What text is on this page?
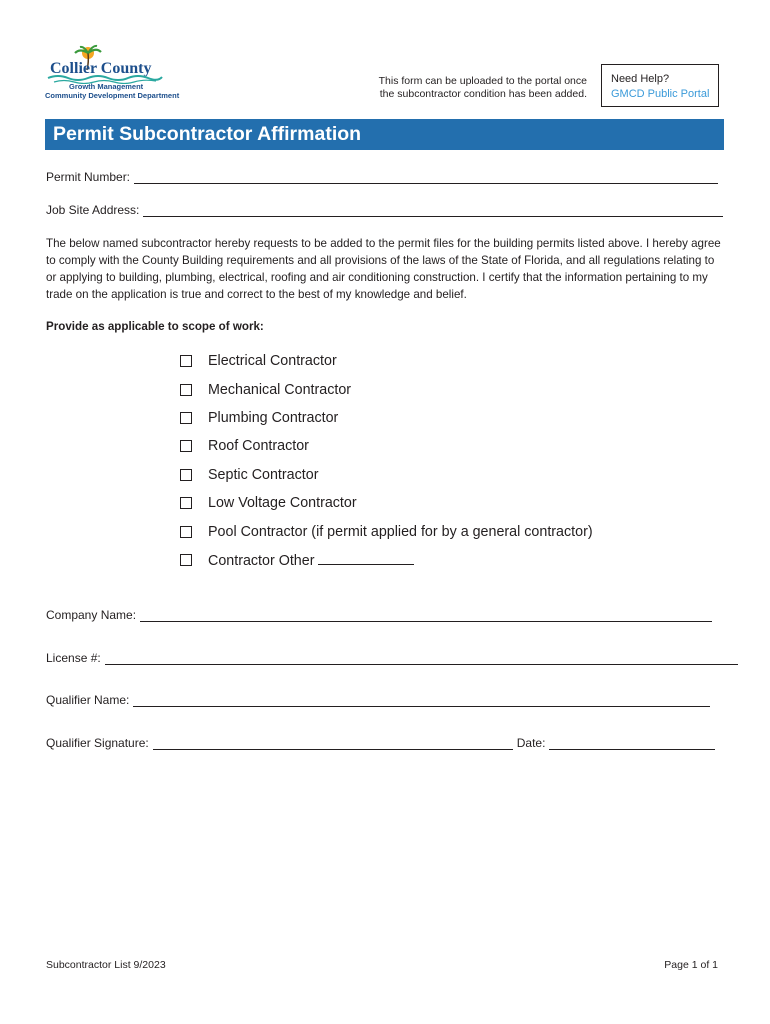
Collier County
Growth Management
Community Development Department
This form can be uploaded to the portal once
the subcontractor condition has been added.
Need Help?
GMCD Public Portal
Permit Subcontractor Affirmation
Permit Number:
Job Site Address:

The below named subcontractor hereby requests to be added to the permit files for the building permits listed above. I hereby agree to comply with the County Building requirements and all provisions of the laws of the State of Florida, and all regulations relating to or applying to building, plumbing, electrical, roofing and air conditioning construction. I certify that the information pertaining to my trade on the application is true and correct to the best of my knowledge and belief.

Provide as applicable to scope of work:
Electrical Contractor
Mechanical Contractor
Plumbing Contractor
Roof Contractor
Septic Contractor
Low Voltage Contractor
Pool Contractor (if permit applied for by a general contractor)
Contractor Other
Company Name:
License #:
Qualifier Name:
Qualifier Signature:	Date:
Subcontractor List 9/2023	Page 1 of 1
